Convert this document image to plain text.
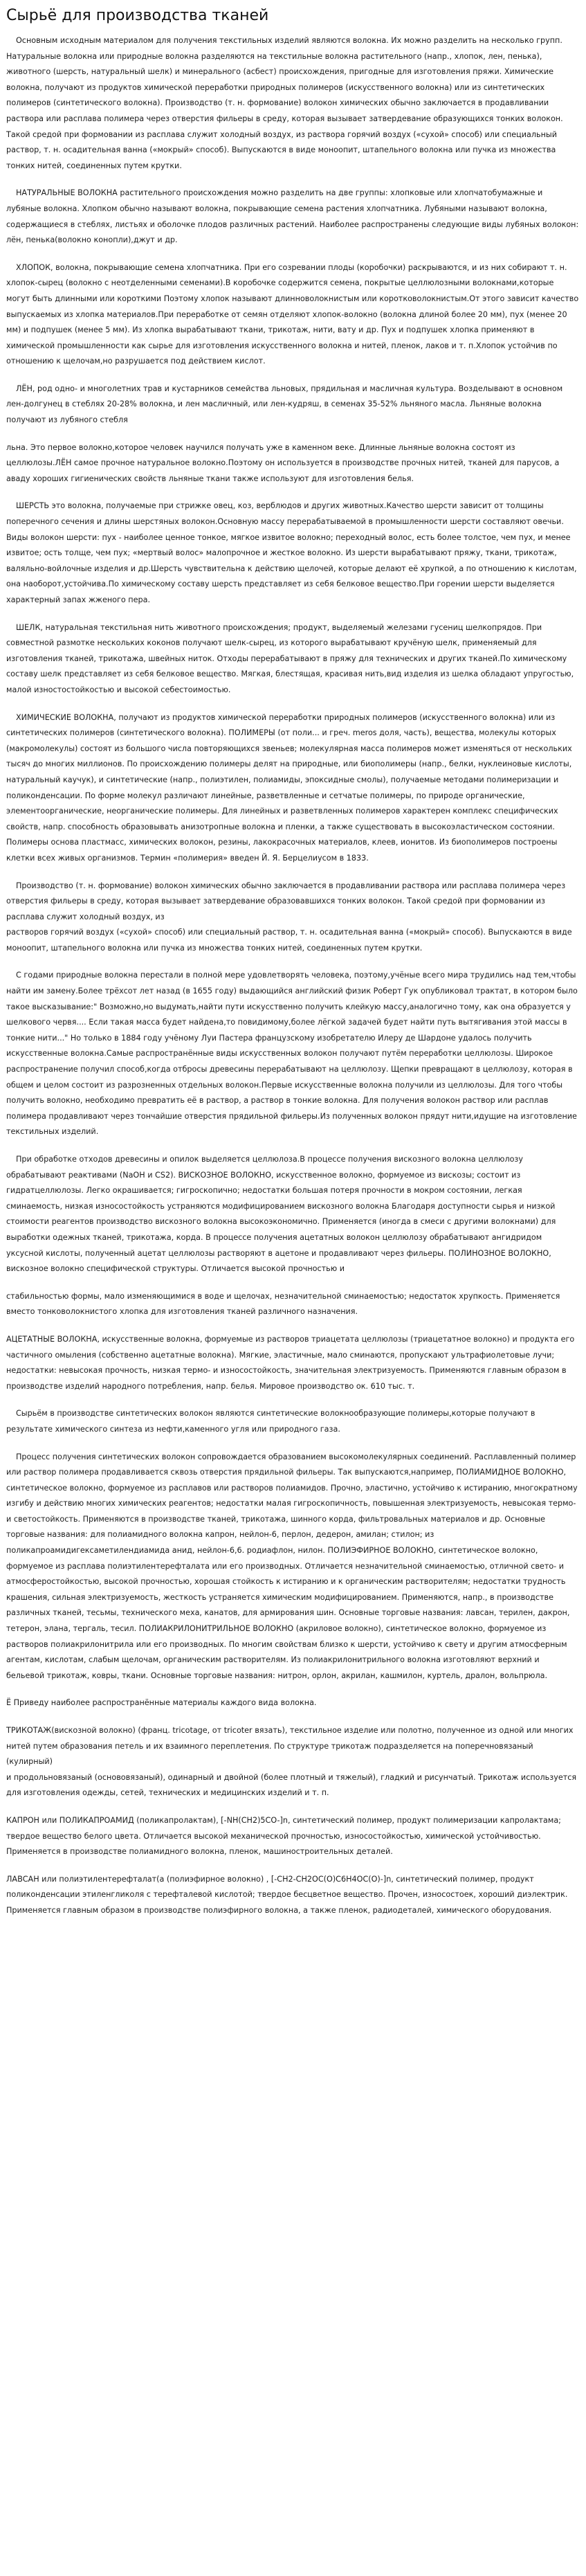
Сырьё для производства тканей

Основным исходным материалом для получения текстильных изделий являются волокна. Их можно разделить на несколько групп. Натуральные волокна или природные волокна разделяются на текстильные волокна растительного (напр., хлопок, лен, пенька), животного (шерсть, натуральный шелк) и минерального (асбест) происхождения, пригодные для изготовления пряжи. Химические волокна, получают из продуктов химической переработки природных полимеров (искусственного волокна) или из синтетических полимеров (синтетического волокна). Производство (т. н. формование) волокон химических обычно заключается в продавливании раствора или расплава полимера через отверстия фильеры в среду, которая вызывает затвердевание образующихся тонких волокон. Такой средой при формовании из расплава служит холодный воздух, из раствора горячий воздух («сухой» способ) или специальный раствор, т. н. осадительная ванна («мокрый» способ). Выпускаются в виде моноопит, штапельного волокна или пучка из множества тонких нитей, соединенных путем крутки.

НАТУРАЛЬНЫЕ ВОЛОКНА растительного происхождения можно разделить на две группы: хлопковые или хлопчатобумажные и лубяные волокна. Хлопком обычно называют волокна, покрывающие семена растения хлопчатника. Лубяными называют волокна, содержащиеся в стеблях, листьях и оболочке плодов различных растений. Наиболее распространены следующие виды лубяных волокон: лён, пенька(волокно конопли),джут и др.

ХЛОПОК, волокна, покрывающие семена хлопчатника. При его созревании плоды (коробочки) раскрываются, и из них собирают т. н. хлопок-сырец (волокно с неотделенными семенами).В коробочке содержится семена, покрытые целлюлозными волокнами,которые могут быть длинными или короткими Поэтому хлопок называют длинноволокнистым или коротковолокнистым.От этого зависит качество выпускаемых из хлопка материалов.При переработке от семян отделяют хлопок-волокно (волокна длиной более 20 мм), пух (менее 20 мм) и подпушек (менее 5 мм). Из хлопка вырабатывают ткани, трикотаж, нити, вату и др. Пух и подпушек хлопка применяют в химической промышленности как сырье для изготовления искусственного волокна и нитей, пленок, лаков и т. п.Хлопок устойчив по отношению к щелочам,но разрушается под действием кислот.

ЛЁН, род одно- и многолетних трав и кустарников семейства льновых, прядильная и масличная культура. Возделывают в основном лен-долгунец в стеблях 20-28% волокна, и лен масличный, или лен-кудряш, в семенах 35-52% льняного масла. Льняные волокна получают из лубяного стебля

льна. Это первое волокно,которое человек научился получать уже в каменном веке. Длинные льняные волокна состоят из целлюлозы.ЛЁН самое прочное натуральное волокно.Поэтому он используется в производстве прочных нитей, тканей для парусов, а аваду хороших гигиенических свойств льняные ткани также используют для изготовления белья.

ШЕРСТЬ это волокна, получаемые при стрижке овец, коз, верблюдов и других животных.Качество шерсти зависит от толщины поперечного сечения и длины шерстяных волокон.Основную массу перерабатываемой в промышленности шерсти составляют овечьи. Виды волокон шерсти: пух - наиболее ценное тонкое, мягкое извитое волокно; переходный волос, есть более толстое, чем пух, и менее извитое; ость толще, чем пух; «мертвый волос» малопрочное и жесткое волокно. Из шерсти вырабатывают пряжу, ткани, трикотаж, валяльно-войлочные изделия и др.Шерсть чувствительна к действию щелочей, которые делают её хрупкой, а по отношению к кислотам, она наоборот,устойчива.По химическому составу шерсть представляет из себя белковое вещество.При горении шерсти выделяется характерный запах жженого пера.

ШЕЛК, натуральная текстильная нить животного происхождения; продукт, выделяемый железами гусениц шелкопрядов. При совместной размотке нескольких коконов получают шелк-сырец, из которого вырабатывают кручёную шелк, применяемый для изготовления тканей, трикотажа, швейных ниток. Отходы перерабатывают в пряжу для технических и других тканей.По химическому составу шелк представляет из себя белковое вещество. Мягкая, блестящая, красивая нить,вид изделия из шелка обладают упругостью, малой изностостойкостью и высокой себестоимостью.

ХИМИЧЕСКИЕ ВОЛОКНА, получают из продуктов химической переработки природных полимеров (искусственного волокна) или из синтетических полимеров (синтетического волокна). ПОЛИМЕРЫ (от поли... и греч. meros доля, часть), вещества, молекулы которых (макромолекулы) состоят из большого числа повторяющихся звеньев; молекулярная масса полимеров может изменяться от нескольких тысяч до многих миллионов. По происхождению полимеры делят на природные, или биополимеры (напр., белки, нуклеиновые кислоты, натуральный каучук), и синтетические (напр., полиэтилен, полиамиды, эпоксидные смолы), получаемые методами полимеризации и поликонденсации. По форме молекул различают линейные, разветвленные и сетчатые полимеры, по природе органические, элементоорганические, неорганические полимеры. Для линейных и разветвленных полимеров характерен комплекс специфических свойств, напр. способность образовывать анизотропные волокна и пленки, а также существовать в высокоэластическом состоянии. Полимеры основа пластмасс, химических волокон, резины, лакокрасочных материалов, клеев, ионитов. Из биополимеров построены клетки всех живых организмов. Термин «полимерия» введен Й. Я. Берцелиусом в 1833.

Производство (т. н. формование) волокон химических обычно заключается в продавливании раствора или расплава полимера через отверстия фильеры в среду, которая вызывает затвердевание образовавшихся тонких волокон. Такой средой при формовании из расплава служит холодный воздух, из

растворов горячий воздух («сухой» способ) или специальный раствор, т. н. осадительная ванна («мокрый» способ). Выпускаются в виде моноопит, штапельного волокна или пучка из множества тонких нитей, соединенных путем крутки.

С годами природные волокна перестали в полной мере удовлетворять человека, поэтому,учёные всего мира трудились над тем,чтобы найти им замену.Более тpёxcoт лет назад (в 1655 году) выдающийся английский физик Роберт Гук опубликовал трактат, в котором было такое высказывание:" Возможно,но выдумать,найти пути искусственно получить клейкую массу,аналогично тому, как она образуется у шелкового червя.... Если такая масса будет найдена,то повидимому,более лёгкой задачей будет найти путь вытягивания этой массы в тонкие нити..." Но только в 1884 году учёному Луи Пастера французскому изобретателю Илеру де Шардоне удалось получить искусственные волокна.Самые распространённые виды искусственных волокон получают путём переработки целлюлозы. Широкое распространение получил способ,когда отбросы древесины перерабатывают на целлюлозу. Щепки превращают в целлюлозу, которая в общем и целом состоит из разрозненных отдельных волокон.Первые искусственные волокна получили из целлюлозы. Для того чтобы получить волокно, необходимо превратить её в раствор, а раствор в тонкие волокна. Для получения волокон раствор или расплав полимера продавливают через тончайшие отверстия прядильной фильеры.Из полученных волокон прядут нити,идущие на изготовление текстильных изделий.

При обработке отходов древесины и опилок выделяется целлюлоза.В процессе получения вискозного волокна целлюлозу обрабатывают реактивами (NaOH и CS2). ВИСКОЗНОЕ ВОЛОКНО, искусственное волокно, формуемое из вискозы; состоит из гидратцеллюлозы. Легко окрашивается; гигроскопично; недостатки большая потеря прочности в мокром состоянии, легкая сминаемость, низкая износостойкость устраняются модифицированием вискозного волокна Благодаря доступности сырья и низкой стоимости реагентов производство вискозного волокна высокоэкономично. Применяется (иногда в смеси с другими волокнами) для выработки одежных тканей, трикотажа, корда. В процессе получения ацетатных волокон целлюлозу обрабатывают ангидридом уксусной кислоты, полученный ацетат целлюлозы растворяют в ацетоне и продавливают через фильеры. ПОЛИНОЗНОЕ ВОЛОКНО, вискозное волокно специфической структуры. Отличается высокой прочностью и

стабильностью формы, мало изменяющимися в воде и щелочах, незначительной сминаемостью; недостаток хрупкость. Применяется вместо тонковолокнистого хлопка для изготовления тканей различного назначения.

АЦЕТАТНЫЕ ВОЛОКНА, искусственные волокна, формуемые из растворов триацетата целлюлозы (триацетатное волокно) и продукта его частичного омыления (собственно ацетатные волокна). Мягкие, эластичные, мало сминаются, пропускают ультрафиолетовые лучи; недостатки: невысокая прочность, низкая термо- и износостойкость, значительная электризуемость. Применяются главным образом в производстве изделий народного потребления, напр. белья. Мировое производство ок. 610 тыс. т.

Сырьём в производстве синтетических волокон являются синтетические волокнообразующие полимеры,которые получают в результате химического синтеза из нефти,каменного угля или природного газа.

Процесс получения синтетических волокон сопровождается образованием высокомолекулярных соединений. Расплавленный полимер или раствор полимера продавливается сквозь отверстия прядильной фильеры. Так выпускаются,например, ПОЛИАМИДНОЕ ВОЛОКНО, синтетическое волокно, формуемое из расплавов или растворов полиамидов. Прочно, эластично, устойчиво к истиранию, многократному изгибу и действию многих химических реагентов; недостатки малая гигроскопичность, повышенная электризуемость, невысокая термо- и светостойкость. Применяются в производстве тканей, трикотажа, шинного корда, фильтровальных материалов и др. Основные торговые названия: для полиамидного волокна капрон, нейлон-6, перлон, дедерон, амилан; стилон; из поликапроамидигексаметилендиамида анид, нейлон-6,6. родиафлон, нилон. ПОЛИЭФИРНОЕ ВОЛОКНО, синтетическое волокно, формуемое из расплава полиэтилентерефталата или его производных. Отличается незначительной сминаемостью, отличной свето- и атмосферостойкостью, высокой прочностью, хорошая стойкость к истиранию и к органическим растворителям; недостатки трудность крашения, сильная электризуемость, жесткость устраняется химическим модифицированием. Применяются, напр., в производстве различных тканей, тесьмы, технического меха, канатов, для армирования шин. Основные торговые названия: лавсан, терилен, дакрон, тетерон, элана, тергаль, тесил. ПОЛИАКРИЛОНИТРИЛЬНОЕ ВОЛОКНО (акриловое волокно), синтетическое волокно, формуемое из растворов полиакрилонитрила или его производных. По многим свойствам близко к шерсти, устойчиво к свету и другим атмосферным агентам, кислотам, слабым щелочам, органическим растворителям. Из полиакрилонитрильного волокна изготовляют верхний и бельевой трикотаж, ковры, ткани. Основные торговые названия: нитрон, орлон, акрилан, кашмилон, куртель, дралон, вольпрюла.

Ё Приведу наиболее распространённые материалы каждого вида волокна.

ТРИКОТАЖ(вискозной волокно) (франц. tricotage, от tricoter вязать), текстильное изделие или полотно, полученное из одной или многих нитей путем образования петель и их взаимного переплетения. По структуре трикотаж подразделяется на поперечновязаный (кулирный)

и продольновязаный (основовязаный), одинарный и двойной (более плотный и тяжелый), гладкий и рисунчатый. Трикотаж используется для изготовления одежды, сетей, технических и медицинских изделий и т. п.

КАПРОН или ПОЛИКАПРОАМИД (поликапролактам), [-NH(CH2)5CO-]n, синтетический полимер, продукт полимеризации капролактама; твердое вещество белого цвета. Отличается высокой механической прочностью, износостойкостью, химической устойчивостью. Применяется в производстве полиамидного волокна, пленок, машиностроительных деталей.

ЛАВСАН или полиэтилентерефталат(а (полиэфирное волокно) , [-CH2-CH2OC(O)C6H4OC(O)-]n, синтетический полимер, продукт поликонденсации этиленгликоля с терефталевой кислотой; твердое бесцветное вещество. Прочен, износостоек, хороший диэлектрик. Применяется главным образом в производстве полиэфирного волокна, а также пленок, радиодеталей, химического оборудования.
